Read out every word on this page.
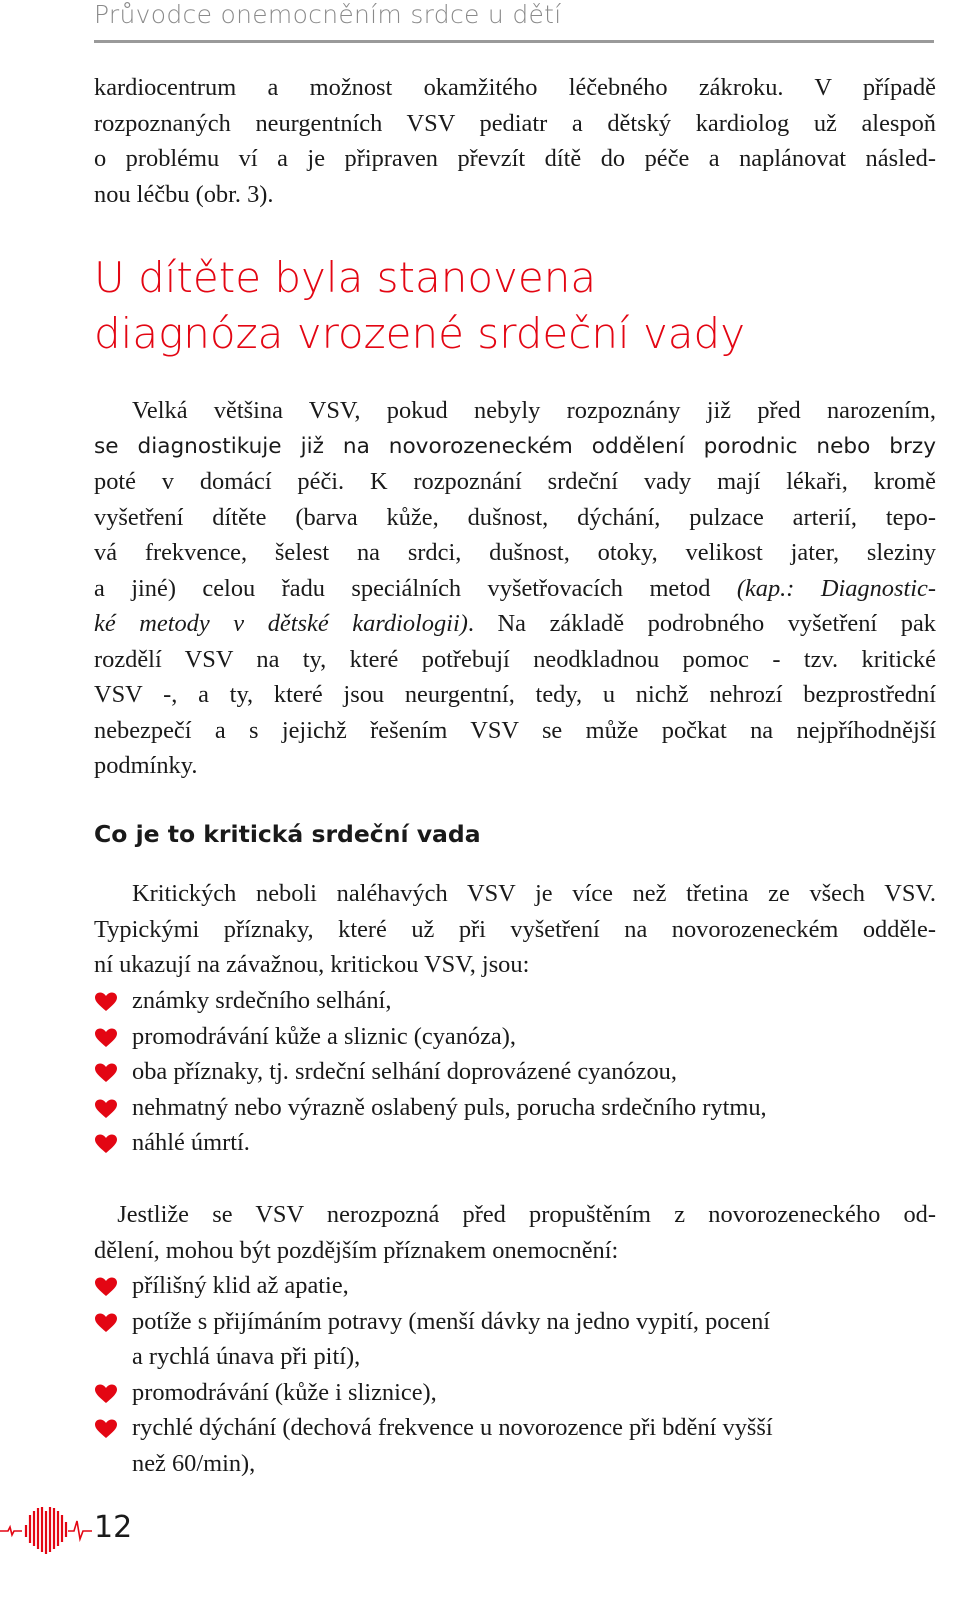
Průvodce onemocněním srdce u dětí

kardiocentrum a možnost okamžitého léčebného zákroku. V případě
rozpoznaných neurgentních VSV pediatr a dětský kardiolog už alespoň
o problému ví a je připraven převzít dítě do péče a naplánovat násled-
nou léčbu (obr. 3).

U dítěte byla stanovena
diagnóza vrozené srdeční vady

Velká většina VSV, pokud nebyly rozpoznány již před narozením,
se diagnostikuje již na novorozeneckém oddělení porodnic nebo brzy
poté v domácí péči. K rozpoznání srdeční vady mají lékaři, kromě
vyšetření dítěte (barva kůže, dušnost, dýchání, pulzace arterií, tepo-
vá frekvence, šelest na srdci, dušnost, otoky, velikost jater, sleziny
a jiné) celou řadu speciálních vyšetřovacích metod (kap.: Diagnostic-
ké metody v dětské kardiologii). Na základě podrobného vyšetření pak
rozdělí VSV na ty, které potřebují neodkladnou pomoc - tzv. kritické
VSV -, a ty, které jsou neurgentní, tedy, u nichž nehrozí bezprostřední
nebezpečí a s jejichž řešením VSV se může počkat na nejpříhodnější
podmínky.

Co je to kritická srdeční vada

Kritických neboli naléhavých VSV je více než třetina ze všech VSV.
Typickými příznaky, které už při vyšetření na novorozeneckém odděle-
ní ukazují na závažnou, kritickou VSV, jsou:

známky srdečního selhání,
promodrávání kůže a sliznic (cyanóza),
oba příznaky, tj. srdeční selhání doprovázené cyanózou,
nehmatný nebo výrazně oslabený puls, porucha srdečního rytmu,
náhlé úmrtí.

Jestliže se VSV nerozpozná před propuštěním z novorozeneckého od-
dělení, mohou být pozdějším příznakem onemocnění:

přílišný klid až apatie,
potíže s přijímáním potravy (menší dávky na jedno vypití, pocení
a rychlá únava při pití),
promodrávání (kůže i sliznice),
rychlé dýchání (dechová frekvence u novorozence při bdění vyšší
než 60/min),
12
